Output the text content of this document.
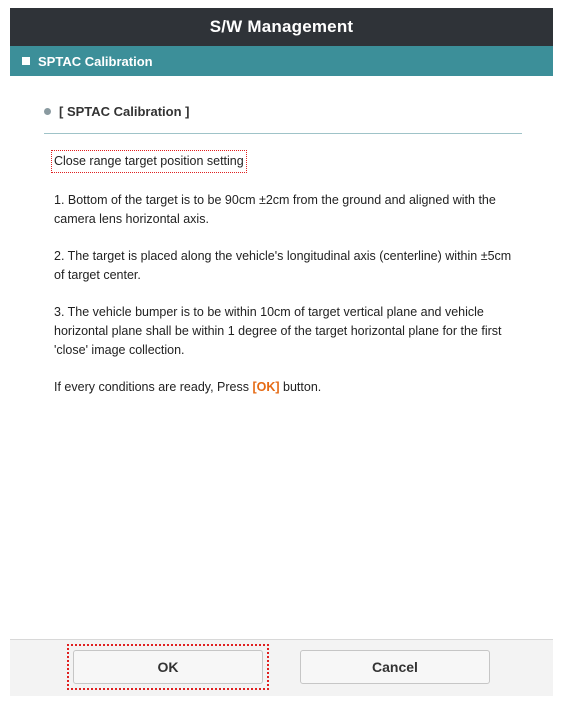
S/W Management
SPTAC Calibration
[ SPTAC Calibration ]

Close range target position setting

1. Bottom of the target is to be 90cm ±2cm from the ground and aligned with the camera lens horizontal axis.

2. The target is placed along the vehicle's longitudinal axis (centerline) within ±5cm of target center.

3. The vehicle bumper is to be within 10cm of target vertical plane and vehicle horizontal plane shall be within 1 degree of the target horizontal plane for the first 'close' image collection.

If every conditions are ready, Press [OK] button.

OK	Cancel
